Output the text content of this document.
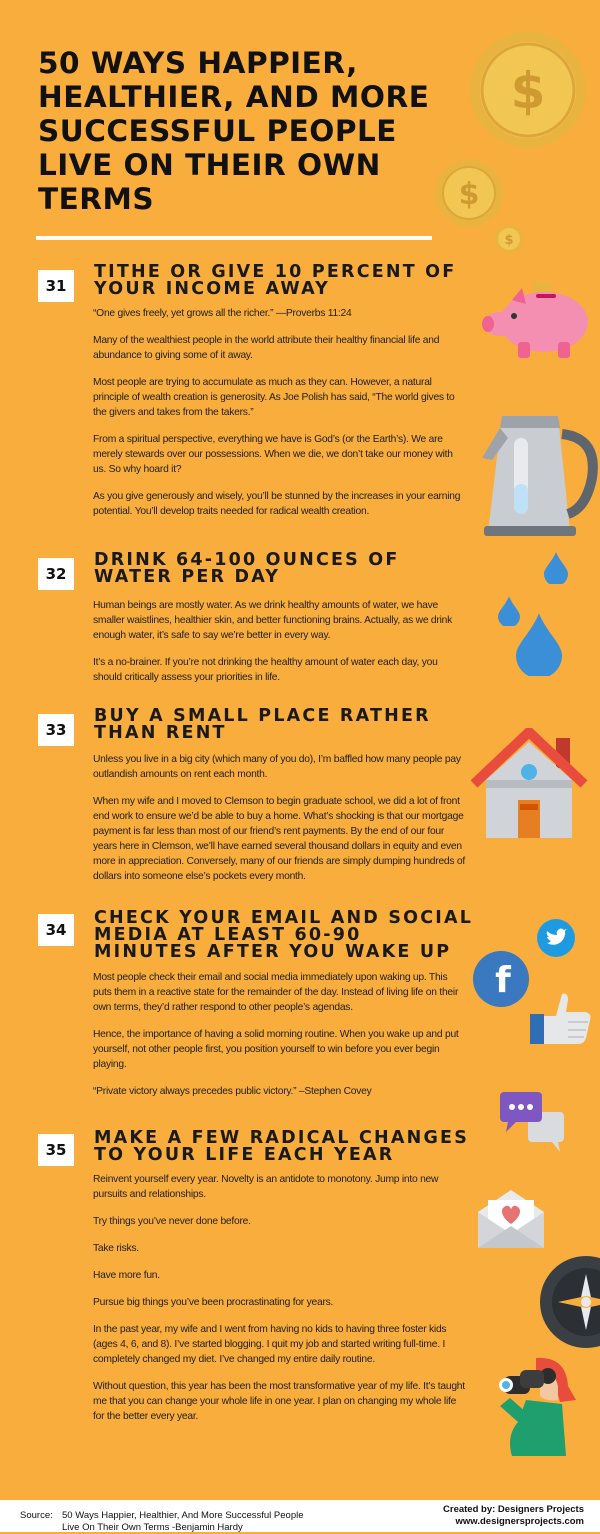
50 WAYS HAPPIER, HEALTHIER, AND MORE SUCCESSFUL PEOPLE LIVE ON THEIR OWN TERMS
31
TITHE OR GIVE 10 PERCENT OF YOUR INCOME AWAY

“One gives freely, yet grows all the richer.” —Proverbs 11:24

Many of the wealthiest people in the world attribute their healthy financial life and abundance to giving some of it away.

Most people are trying to accumulate as much as they can. However, a natural principle of wealth creation is generosity. As Joe Polish has said, “The world gives to the givers and takes from the takers.”

From a spiritual perspective, everything we have is God’s (or the Earth’s). We are merely stewards over our possessions. When we die, we don’t take our money with us. So why hoard it?

As you give generously and wisely, you’ll be stunned by the increases in your earning potential. You’ll develop traits needed for radical wealth creation.

32
DRINK 64-100 OUNCES OF WATER PER DAY

Human beings are mostly water. As we drink healthy amounts of water, we have smaller waistlines, healthier skin, and better functioning brains. Actually, as we drink enough water, it’s safe to say we’re better in every way.

It’s a no-brainer. If you’re not drinking the healthy amount of water each day, you should critically assess your priorities in life.

33
BUY A SMALL PLACE RATHER THAN RENT

Unless you live in a big city (which many of you do), I’m baffled how many people pay outlandish amounts on rent each month.

When my wife and I moved to Clemson to begin graduate school, we did a lot of front end work to ensure we’d be able to buy a home. What’s shocking is that our mortgage payment is far less than most of our friend’s rent payments. By the end of our four years here in Clemson, we’ll have earned several thousand dollars in equity and even more in appreciation. Conversely, many of our friends are simply dumping hundreds of dollars into someone else’s pockets every month.

34
CHECK YOUR EMAIL AND SOCIAL MEDIA AT LEAST 60-90 MINUTES AFTER YOU WAKE UP

Most people check their email and social media immediately upon waking up. This puts them in a reactive state for the remainder of the day. Instead of living life on their own terms, they’d rather respond to other people’s agendas.

Hence, the importance of having a solid morning routine. When you wake up and put yourself, not other people first, you position yourself to win before you ever begin playing.

“Private victory always precedes public victory.” –Stephen Covey

35
MAKE A FEW RADICAL CHANGES TO YOUR LIFE EACH YEAR

Reinvent yourself every year. Novelty is an antidote to monotony. Jump into new pursuits and relationships.

Try things you’ve never done before.

Take risks.

Have more fun.

Pursue big things you’ve been procrastinating for years.

In the past year, my wife and I went from having no kids to having three foster kids (ages 4, 6, and 8). I’ve started blogging. I quit my job and started writing full-time. I completely changed my diet. I’ve changed my entire daily routine.

Without question, this year has been the most transformative year of my life. It’s taught me that you can change your whole life in one year. I plan on changing my whole life for the better every year.

$
$
$
f
Source: 50 Ways Happier, Healthier, And More Successful People Live On Their Own Terms -Benjamin Hardy
Created by: Designers Projects
www.designersprojects.com
